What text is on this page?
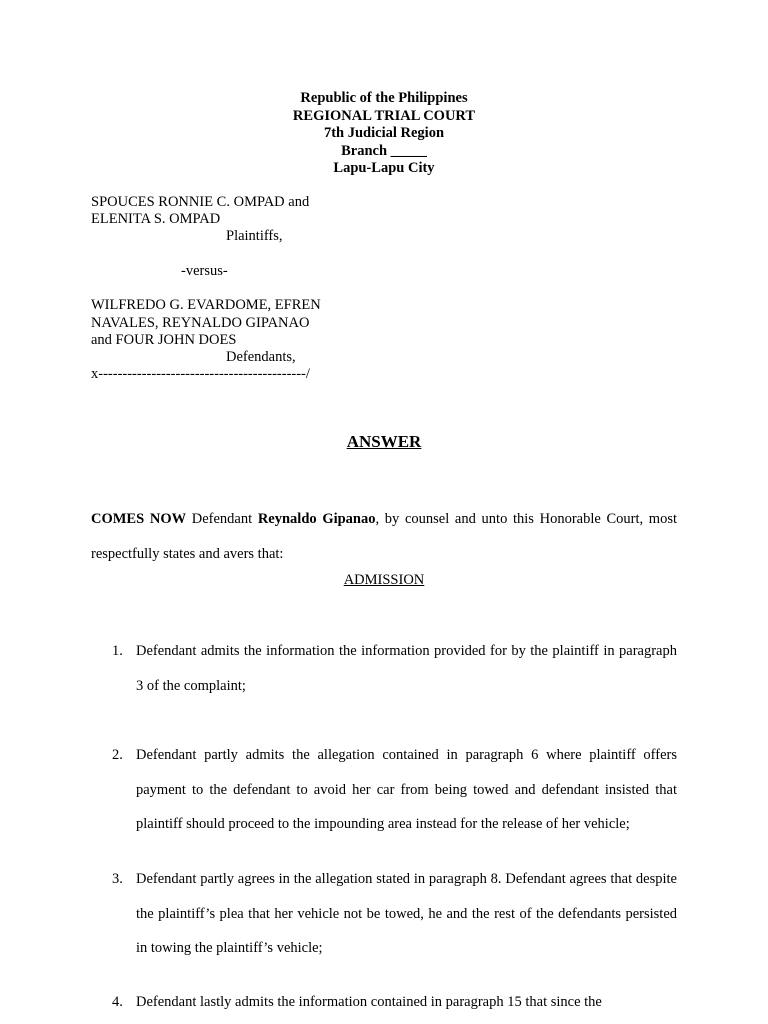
Republic of the Philippines
REGIONAL TRIAL COURT
7th Judicial Region
Branch _____
Lapu-Lapu City
SPOUCES RONNIE C. OMPAD and
ELENITA S. OMPAD
Plaintiffs,
-versus-
WILFREDO G. EVARDOME, EFREN
NAVALES, REYNALDO GIPANAO
and FOUR JOHN DOES
Defendants,
x-------------------------------------------/
ANSWER
COMES NOW Defendant Reynaldo Gipanao, by counsel and unto this Honorable Court, most respectfully states and avers that:
ADMISSION
1. Defendant admits the information the information provided for by the plaintiff in paragraph 3 of the complaint;
2. Defendant partly admits the allegation contained in paragraph 6 where plaintiff offers payment to the defendant to avoid her car from being towed and defendant insisted that plaintiff should proceed to the impounding area instead for the release of her vehicle;
3. Defendant partly agrees in the allegation stated in paragraph 8. Defendant agrees that despite the plaintiff’s plea that her vehicle not be towed, he and the rest of the defendants persisted in towing the plaintiff’s vehicle;
4. Defendant lastly admits the information contained in paragraph 15 that since the
